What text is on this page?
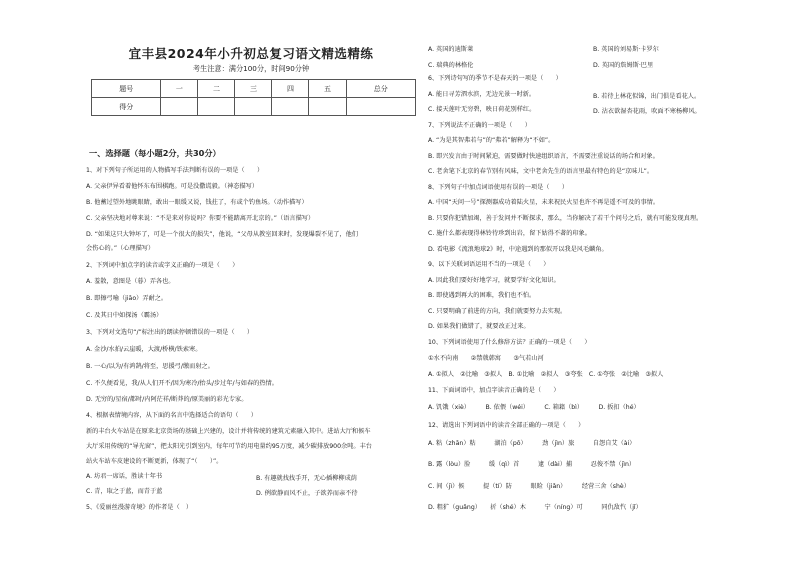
宜丰县2024年小升初总复习语文精选精练
考生注意：满分100分，时间90分钟
题号	一	二	三	四	五	总分
得分						
一、选择题（每小题2分，共30分）
1、对下列句子所运用的人物描写手法判断有误的一项是（　　）
A. 父亲伊异看着他怀东布围棋跑。可是没撒谎毅。（神态描写）
B. 他蓄过望外地眺眼睛，敢出一眼缓又说，钱拄了，有或个钓鱼场。（动作描写）
C. 父亲坚决地对尊来说：“不是来对你说吗？你要不能踏离开北京的。”（语言描写）
D. “如果这只大钟坏了，可是一个很大的损失”，他说，“父母从教室回来时，发现爆裂不见了，他们
会伤心的。”（心理描写）
2、下列词中加点字的读音或字义正确的一项是（　　）
A. 羞散，意图是（暮）弄各也。
B. 即擦弓喻（jiāo）弄耐之。
C. 及其日中如探汤（霸汤）
3、下列对文选句“/”标注出的朗读停顿错误的一项是（　　）
A. 金沙/水拍/云崖暖，大渡/桥横/铁索寒。
B. 一心/以为/有鸿鹄/将至，思援弓/缴而射之。
C. 不久便看见，我/从人们开不/因为寒冷/抬头/步过年/与如春的热情。
D. 无穷的/星宿/都时/内阿茫祥/断莽的/原美丽的彩光专家。
4、根据表情境内容，从下面的名言中选择适合的语句（　　）
新的丰台火车站是在原来北京货场的基础上兴建的，设计并将传统的建筑元素融入其中。进站大厅和候车
大厅采用传统的“导光窗”，把太阳光引到室内，每年可节约用电量约95万度，减少碳排放900余吨。丰台
站火车站车皮建设的不断更新，体现了“（　　）”。
A. 坊君一席话，胜读十年书	B. 有趣就找找手开，无心插柳柳成荫
C. 青，取之于蓝，而青于蓝	D. 例欲静而风不止，子欲养而亲不待
5、《爱丽丝漫游奇境》的作者是（　）
A. 英国的迪斯莱	B. 英国的刘易斯·卡罗尔
C. 瑞典的林格伦	D. 英国的詹姆斯·巴里
6、下列诗句写的季节不是春天的一项是（　　）
A. 能日寻芳泗水滨，无边光景一时新。	B. 若待上林花似锦，出门俱是看花人。
C. 接天莲叶无穷碧，映日荷花别样红。	D. 沾衣欲湿杏花雨，吹面不寒杨柳风。
7、下列说法不正确的一项是（　　）
A. “为是其智弗若与”的“弗若”解释为“不如”。
B. 即兴发言由于时间紧迫，需要做时快速组织语言，不需要注重说话的场合和对象。
C. 老舍笔下北京的春节别有风味，文中老舍先生的语言里最有特色的是“京味儿”。
8、下列句子中加点词语使用有误的一项是（　　）
A. 中国“天问一号”探测器成功着陆火星，未来祝民火星也许不再是遥不可及的事情。
B. 只要你犯错加竭，善于发问并不断探求，那么，当你解决了若干个问号之后，就有可能发现真理。
C. 施什么都表现得林铃待珍到出岩，留下姑得不著的印象。
D. 看电影《流浪地球2》时，中途遇到的那似开以我是风毛麟角。
9、以下关联词语运用不当的一项是（　　）
A. 因此我们要好好地学习，就要学好文化知识。
B. 即使遇到再大的困难，我们也不怕。
C. 只要明确了前进的方向，我们就要努力去实现。
D. 如果我们做错了，就要改正过来。
10、下列词语使用了什么修辞方法？正确的一项是（　　）
①水不向南　　②禁戟韩寓　　③气若山河
A. ①拟人　②比喻　③拟人　B. ①比喻　②拟人　③夸张　C. ①夸张　②比喻　③拟人
11、下面词语中，加点字读音正确的是（　　）
A. 饥饿（xiè）　　　B. 依偎（wéi）　　　C. 箱籍（bì）　　　D. 扳扣（hé）
12、请选出下列词语中的读音全部正确的一项是（　　）
A. 粘（zhān）粘　　　湖泊（pō）　　　劲（jìn）旅　　　自怨自艾（ài）
B. 露（lòu）脸　　　缓（qì）首　　　逮（dài）捕　　　忍俊不禁（jìn）
C. 间（jì）候　　　提（tí）防　　　眼睑（jiǎn）　　　经营三舍（shè）
D. 粗犷（guǎng）　　折（shé）木　　　宁（níng）可　　　同仇敌忾（jǐ）
